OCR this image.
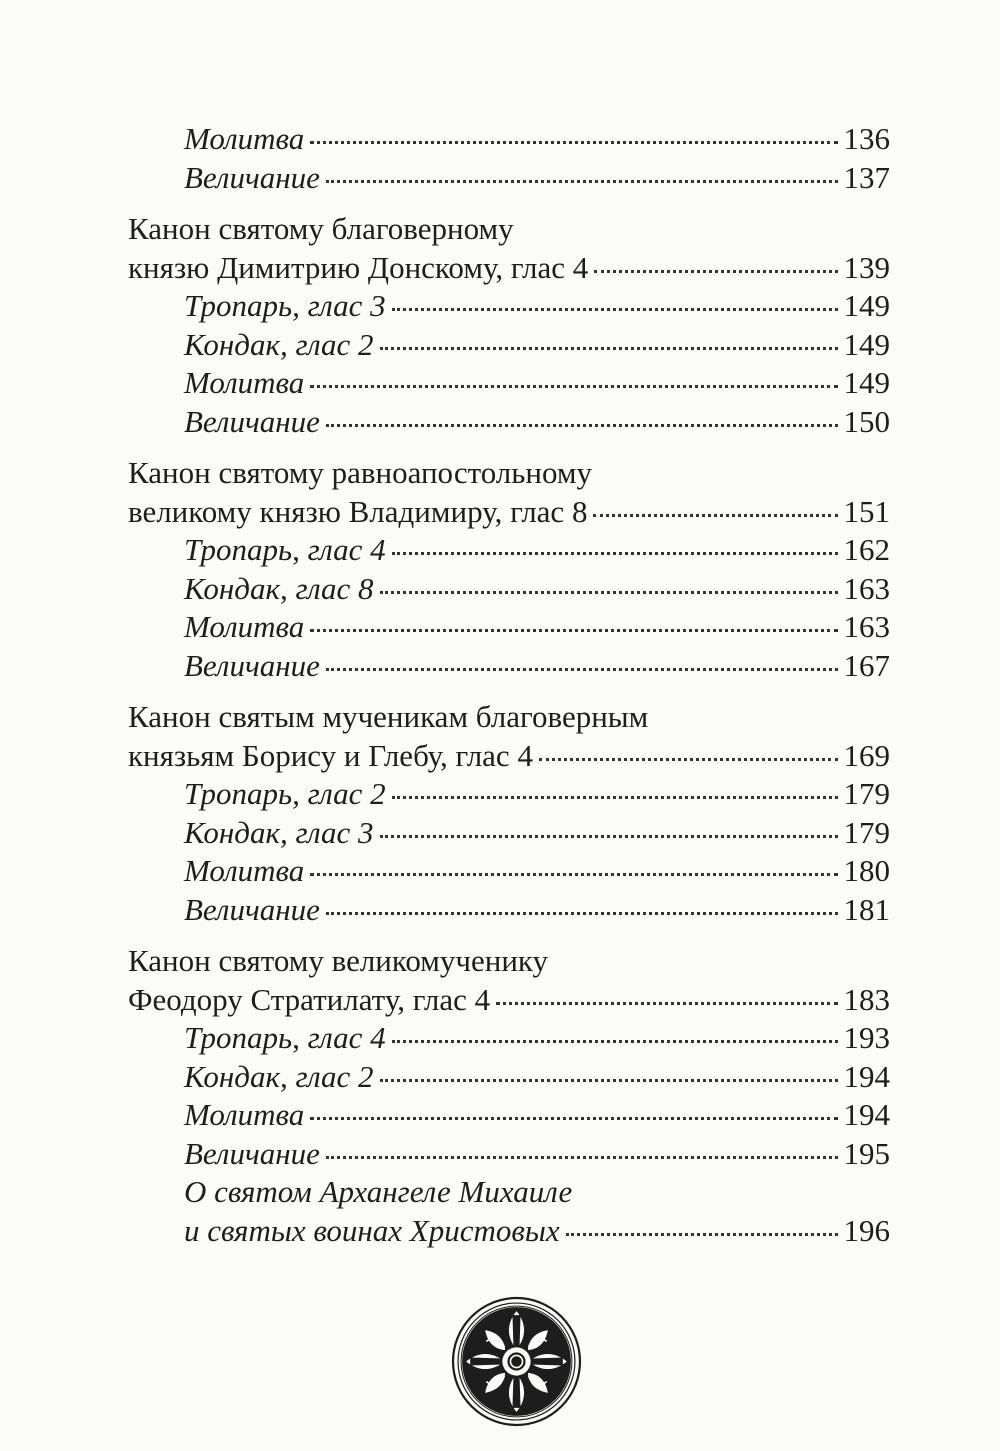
Молитва	136
Величание	137
Канон святому благоверному
князю Димитрию Донскому, глас 4	139
Тропарь, глас 3	149
Кондак, глас 2	149
Молитва	149
Величание	150
Канон святому равноапостольному
великому князю Владимиру, глас 8	151
Тропарь, глас 4	162
Кондак, глас 8	163
Молитва	163
Величание	167
Канон святым мученикам благоверным
князьям Борису и Глебу, глас 4	169
Тропарь, глас 2	179
Кондак, глас 3	179
Молитва	180
Величание	181
Канон святому великомученику
Феодору Стратилату, глас 4	183
Тропарь, глас 4	193
Кондак, глас 2	194
Молитва	194
Величание	195
О святом Архангеле Михаиле
и святых воинах Христовых	196
